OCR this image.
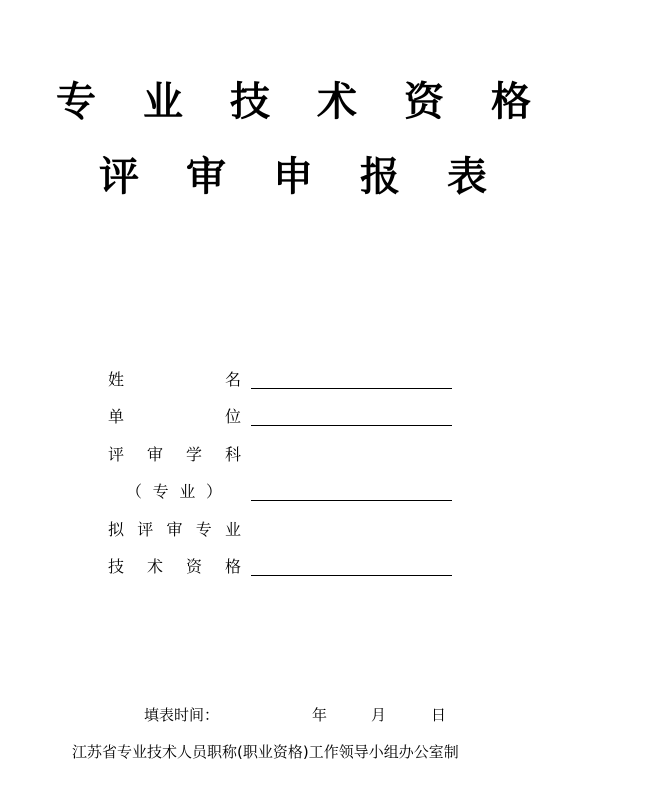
专业技术资格
评审申报表
姓名
单位
评审学科
（专业）
拟评审专业
技术资格
填表时间：	年	月	日
江苏省专业技术人员职称(职业资格)工作领导小组办公室制
